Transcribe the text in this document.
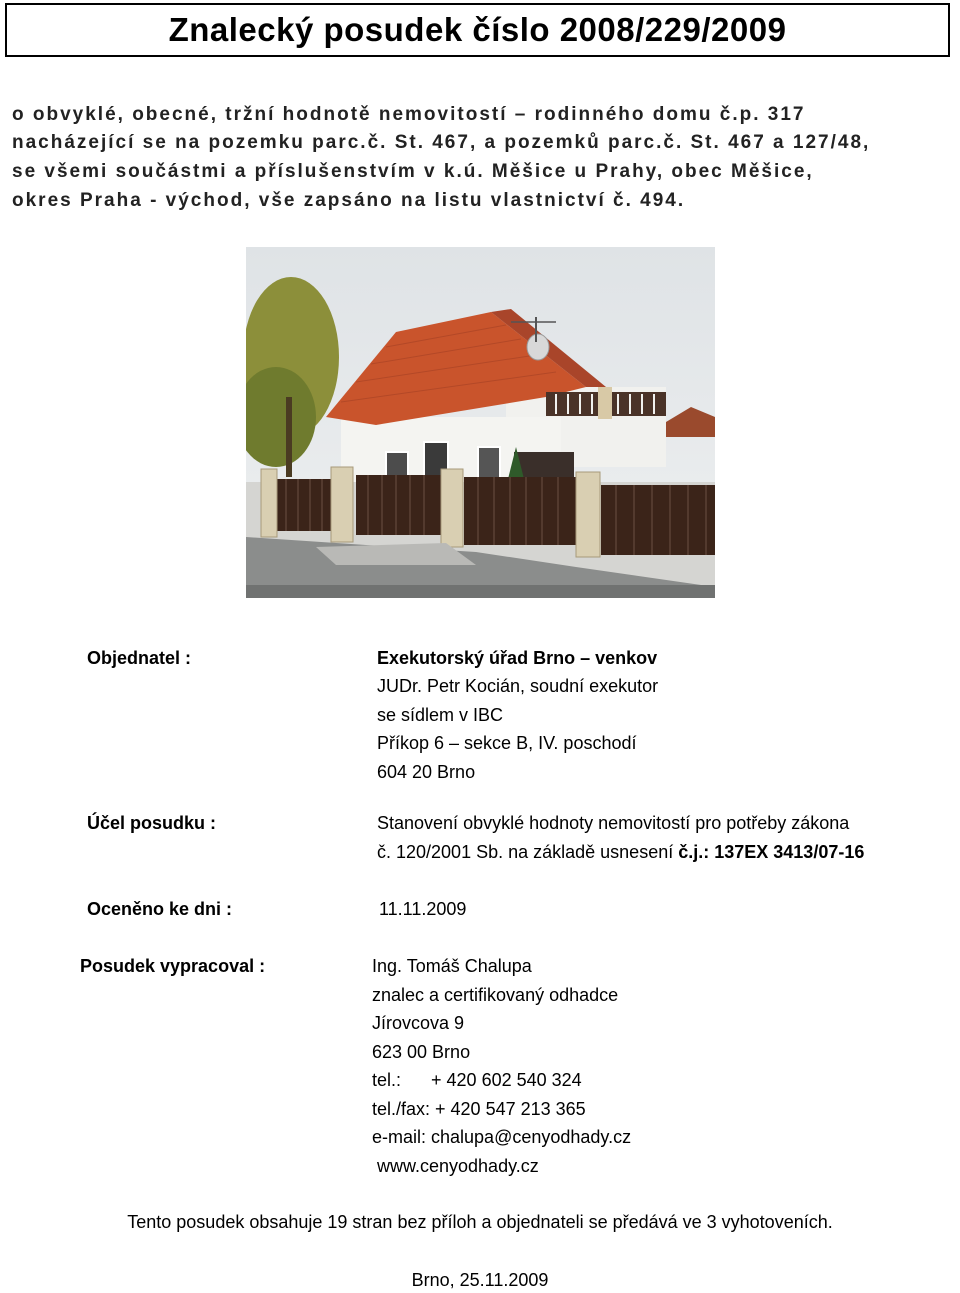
Znalecký posudek číslo 2008/229/2009
o obvyklé, obecné, tržní hodnotě nemovitostí – rodinného domu č.p. 317
nacházející se na pozemku parc.č. St. 467, a pozemků parc.č. St. 467 a 127/48,
se všemi součástmi a příslušenstvím v k.ú. Měšice u Prahy, obec Měšice,
okres Praha - východ, vše zapsáno na listu vlastnictví č. 494.
Objednatel :	Exekutorský úřad Brno – venkov
JUDr. Petr Kocián, soudní exekutor
se sídlem v IBC
Příkop 6 – sekce B, IV. poschodí
604 20 Brno
Účel posudku :	Stanovení obvyklé hodnoty nemovitostí pro potřeby zákona
č. 120/2001 Sb. na základě usnesení č.j.: 137EX 3413/07-16
Oceněno ke dni :	11.11.2009
Posudek vypracoval :	Ing. Tomáš Chalupa
znalec a certifikovaný odhadce
Jírovcova 9
623 00 Brno
tel.:      + 420 602 540 324
tel./fax: + 420 547 213 365
e-mail: chalupa@cenyodhady.cz
www.cenyodhady.cz
Tento posudek obsahuje 19 stran bez příloh a objednateli se předává ve 3 vyhotoveních.
Brno, 25.11.2009
